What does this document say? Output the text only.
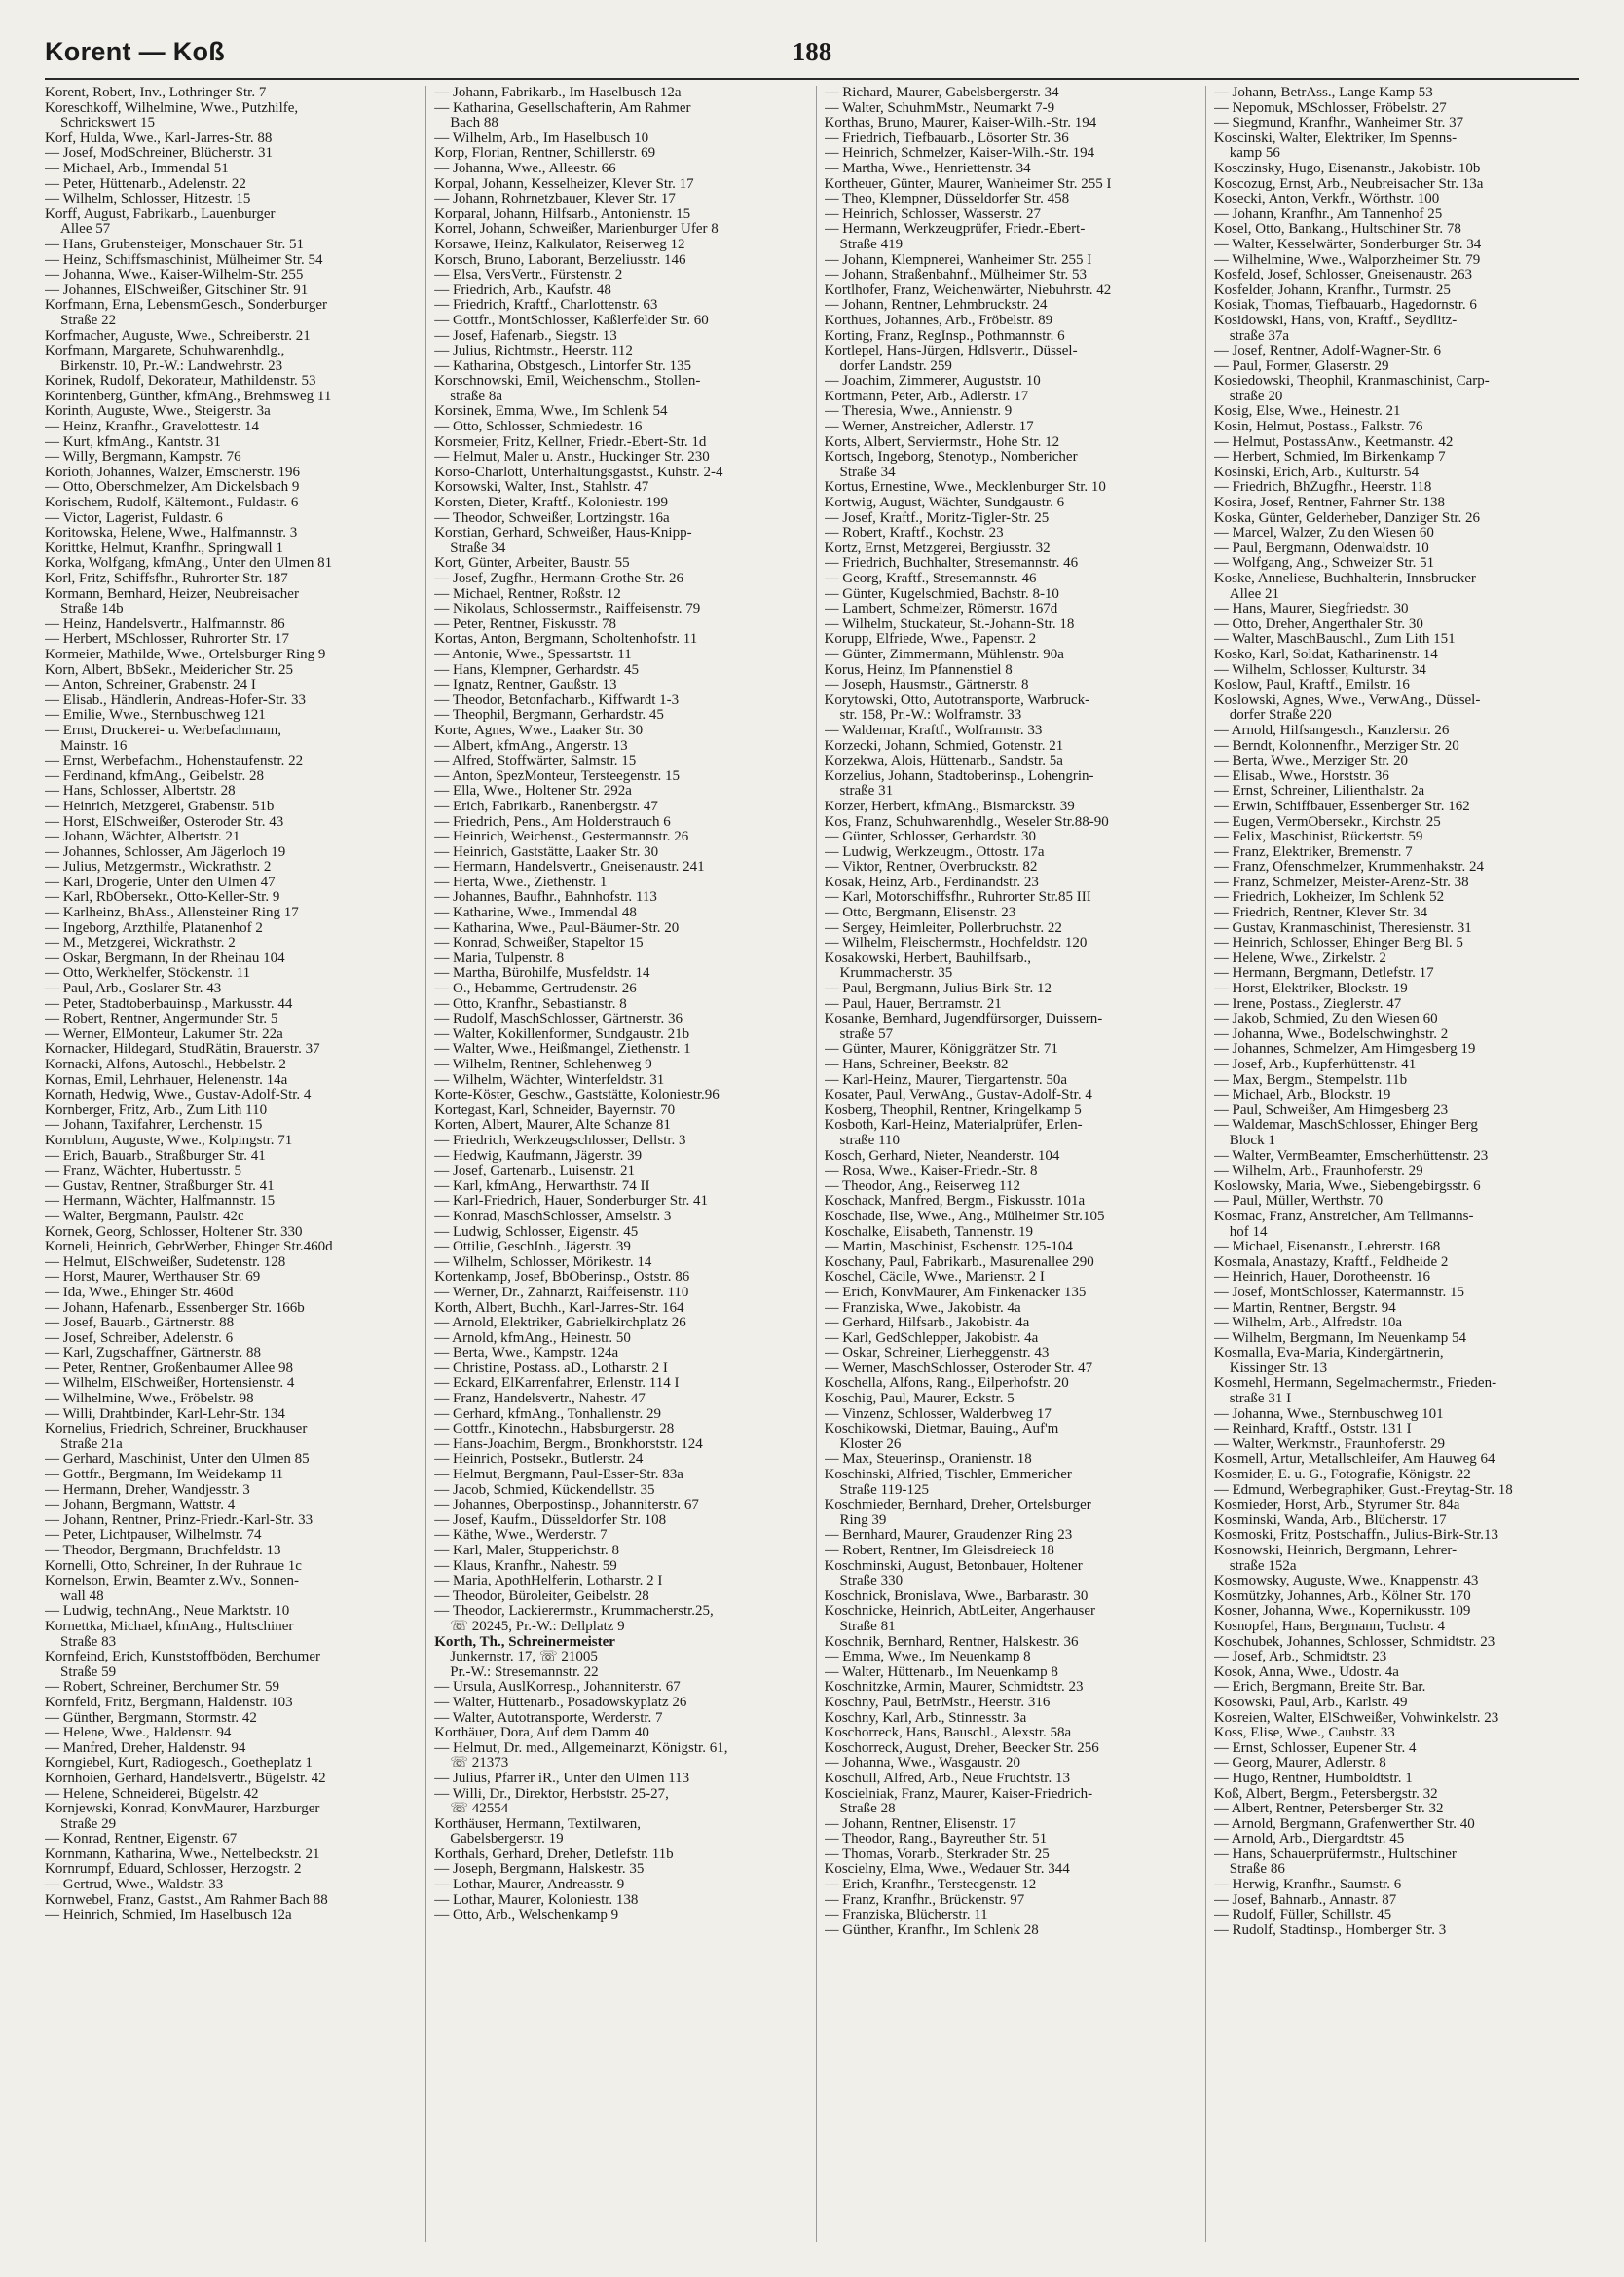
Korent — Koß	188
Korent, Robert, Inv., Lothringer Str. 7
Koreschkoff, Wilhelmine, Wwe., Putzhilfe,
Schrickswert 15
Korf, Hulda, Wwe., Karl-Jarres-Str. 88
— Josef, ModSchreiner, Blücherstr. 31
— Michael, Arb., Immendal 51
— Peter, Hüttenarb., Adelenstr. 22
— Wilhelm, Schlosser, Hitzestr. 15
Korff, August, Fabrikarb., Lauenburger
Allee 57
— Hans, Grubensteiger, Monschauer Str. 51
— Heinz, Schiffsmaschinist, Mülheimer Str. 54
— Johanna, Wwe., Kaiser-Wilhelm-Str. 255
— Johannes, ElSchweißer, Gitschiner Str. 91
Korfmann, Erna, LebensmGesch., Sonderburger
Straße 22
Korfmacher, Auguste, Wwe., Schreiberstr. 21
Korfmann, Margarete, Schuhwarenhdlg.,
Birkenstr. 10, Pr.-W.: Landwehrstr. 23
Korinek, Rudolf, Dekorateur, Mathildenstr. 53
Korintenberg, Günther, kfmAng., Brehmsweg 11
Korinth, Auguste, Wwe., Steigerstr. 3a
— Heinz, Kranfhr., Gravelottestr. 14
— Kurt, kfmAng., Kantstr. 31
— Willy, Bergmann, Kampstr. 76
Korioth, Johannes, Walzer, Emscherstr. 196
— Otto, Oberschmelzer, Am Dickelsbach 9
Korischem, Rudolf, Kältemont., Fuldastr. 6
— Victor, Lagerist, Fuldastr. 6
Koritowska, Helene, Wwe., Halfmannstr. 3
Korittke, Helmut, Kranfhr., Springwall 1
Korka, Wolfgang, kfmAng., Unter den Ulmen 81
Korl, Fritz, Schiffsfhr., Ruhrorter Str. 187
Kormann, Bernhard, Heizer, Neubreisacher
Straße 14b
— Heinz, Handelsvertr., Halfmannstr. 86
— Herbert, MSchlosser, Ruhrorter Str. 17
Kormeier, Mathilde, Wwe., Ortelsburger Ring 9
Korn, Albert, BbSekr., Meidericher Str. 25
— Anton, Schreiner, Grabenstr. 24 I
— Elisab., Händlerin, Andreas-Hofer-Str. 33
— Emilie, Wwe., Sternbuschweg 121
— Ernst, Druckerei- u. Werbefachmann,
Mainstr. 16
— Ernst, Werbefachm., Hohenstaufenstr. 22
— Ferdinand, kfmAng., Geibelstr. 28
— Hans, Schlosser, Albertstr. 28
— Heinrich, Metzgerei, Grabenstr. 51b
— Horst, ElSchweißer, Osteroder Str. 43
— Johann, Wächter, Albertstr. 21
— Johannes, Schlosser, Am Jägerloch 19
— Julius, Metzgermstr., Wickrathstr. 2
— Karl, Drogerie, Unter den Ulmen 47
— Karl, RbObersekr., Otto-Keller-Str. 9
— Karlheinz, BhAss., Allensteiner Ring 17
— Ingeborg, Arzthilfe, Platanenhof 2
— M., Metzgerei, Wickrathstr. 2
— Oskar, Bergmann, In der Rheinau 104
— Otto, Werkhelfer, Stöckenstr. 11
— Paul, Arb., Goslarer Str. 43
— Peter, Stadtoberbauinsp., Markusstr. 44
— Robert, Rentner, Angermunder Str. 5
— Werner, ElMonteur, Lakumer Str. 22a
Kornacker, Hildegard, StudRätin, Brauerstr. 37
Kornacki, Alfons, Autoschl., Hebbelstr. 2
Kornas, Emil, Lehrhauer, Helenenstr. 14a
Kornath, Hedwig, Wwe., Gustav-Adolf-Str. 4
Kornberger, Fritz, Arb., Zum Lith 110
— Johann, Taxifahrer, Lerchenstr. 15
Kornblum, Auguste, Wwe., Kolpingstr. 71
— Erich, Bauarb., Straßburger Str. 41
— Franz, Wächter, Hubertusstr. 5
— Gustav, Rentner, Straßburger Str. 41
— Hermann, Wächter, Halfmannstr. 15
— Walter, Bergmann, Paulstr. 42c
Kornek, Georg, Schlosser, Holtener Str. 330
Korneli, Heinrich, GebrWerber, Ehinger Str.460d
— Helmut, ElSchweißer, Sudetenstr. 128
— Horst, Maurer, Werthauser Str. 69
— Ida, Wwe., Ehinger Str. 460d
— Johann, Hafenarb., Essenberger Str. 166b
— Josef, Bauarb., Gärtnerstr. 88
— Josef, Schreiber, Adelenstr. 6
— Karl, Zugschaffner, Gärtnerstr. 88
— Peter, Rentner, Großenbaumer Allee 98
— Wilhelm, ElSchweißer, Hortensienstr. 4
— Wilhelmine, Wwe., Fröbelstr. 98
— Willi, Drahtbinder, Karl-Lehr-Str. 134
Kornelius, Friedrich, Schreiner, Bruckhauser
Straße 21a
— Gerhard, Maschinist, Unter den Ulmen 85
— Gottfr., Bergmann, Im Weidekamp 11
— Hermann, Dreher, Wandjesstr. 3
— Johann, Bergmann, Wattstr. 4
— Johann, Rentner, Prinz-Friedr.-Karl-Str. 33
— Peter, Lichtpauser, Wilhelmstr. 74
— Theodor, Bergmann, Bruchfeldstr. 13
Kornelli, Otto, Schreiner, In der Ruhraue 1c
Kornelson, Erwin, Beamter z.Wv., Sonnen-
wall 48
— Ludwig, technAng., Neue Marktstr. 10
Kornettka, Michael, kfmAng., Hultschiner
Straße 83
Kornfeind, Erich, Kunststoffböden, Berchumer
Straße 59
— Robert, Schreiner, Berchumer Str. 59
Kornfeld, Fritz, Bergmann, Haldenstr. 103
— Günther, Bergmann, Stormstr. 42
— Helene, Wwe., Haldenstr. 94
— Manfred, Dreher, Haldenstr. 94
Korngiebel, Kurt, Radiogesch., Goetheplatz 1
Kornhoien, Gerhard, Handelsvertr., Bügelstr. 42
— Helene, Schneiderei, Bügelstr. 42
Kornjewski, Konrad, KonvMaurer, Harzburger
Straße 29
— Konrad, Rentner, Eigenstr. 67
Kornmann, Katharina, Wwe., Nettelbeckstr. 21
Kornrumpf, Eduard, Schlosser, Herzogstr. 2
— Gertrud, Wwe., Waldstr. 33
Kornwebel, Franz, Gastst., Am Rahmer Bach 88
— Heinrich, Schmied, Im Haselbusch 12a
— Johann, Fabrikarb., Im Haselbusch 12a
— Katharina, Gesellschafterin, Am Rahmer
Bach 88
— Wilhelm, Arb., Im Haselbusch 10
Korp, Florian, Rentner, Schillerstr. 69
— Johanna, Wwe., Alleestr. 66
Korpal, Johann, Kesselheizer, Klever Str. 17
— Johann, Rohrnetzbauer, Klever Str. 17
Korparal, Johann, Hilfsarb., Antonienstr. 15
Korrel, Johann, Schweißer, Marienburger Ufer 8
Korsawe, Heinz, Kalkulator, Reiserweg 12
Korsch, Bruno, Laborant, Berzeliusstr. 146
— Elsa, VersVertr., Fürstenstr. 2
— Friedrich, Arb., Kaufstr. 48
— Friedrich, Kraftf., Charlottenstr. 63
— Gottfr., MontSchlosser, Kaßlerfelder Str. 60
— Josef, Hafenarb., Siegstr. 13
— Julius, Richtmstr., Heerstr. 112
— Katharina, Obstgesch., Lintorfer Str. 135
Korschnowski, Emil, Weichenschm., Stollen-
straße 8a
Korsinek, Emma, Wwe., Im Schlenk 54
— Otto, Schlosser, Schmiedestr. 16
Korsmeier, Fritz, Kellner, Friedr.-Ebert-Str. 1d
— Helmut, Maler u. Anstr., Huckinger Str. 230
Korso-Charlott, Unterhaltungsgastst., Kuhstr. 2-4
Korsowski, Walter, Inst., Stahlstr. 47
Korsten, Dieter, Kraftf., Koloniestr. 199
— Theodor, Schweißer, Lortzingstr. 16a
Korstian, Gerhard, Schweißer, Haus-Knipp-
Straße 34
Kort, Günter, Arbeiter, Baustr. 55
— Josef, Zugfhr., Hermann-Grothe-Str. 26
— Michael, Rentner, Roßstr. 12
— Nikolaus, Schlossermstr., Raiffeisenstr. 79
— Peter, Rentner, Fiskusstr. 78
Kortas, Anton, Bergmann, Scholtenhofstr. 11
— Antonie, Wwe., Spessartstr. 11
— Hans, Klempner, Gerhardstr. 45
— Ignatz, Rentner, Gaußstr. 13
— Theodor, Betonfacharb., Kiffwardt 1-3
— Theophil, Bergmann, Gerhardstr. 45
Korte, Agnes, Wwe., Laaker Str. 30
— Albert, kfmAng., Angerstr. 13
— Alfred, Stoffwärter, Salmstr. 15
— Anton, SpezMonteur, Tersteegenstr. 15
— Ella, Wwe., Holtener Str. 292a
— Erich, Fabrikarb., Ranenbergstr. 47
— Friedrich, Pens., Am Holderstrauch 6
— Heinrich, Weichenst., Gestermannstr. 26
— Heinrich, Gaststätte, Laaker Str. 30
— Hermann, Handelsvertr., Gneisenaustr. 241
— Herta, Wwe., Ziethenstr. 1
— Johannes, Baufhr., Bahnhofstr. 113
— Katharine, Wwe., Immendal 48
— Katharina, Wwe., Paul-Bäumer-Str. 20
— Konrad, Schweißer, Stapeltor 15
— Maria, Tulpenstr. 8
— Martha, Bürohilfe, Musfeldstr. 14
— O., Hebamme, Gertrudenstr. 26
— Otto, Kranfhr., Sebastianstr. 8
— Rudolf, MaschSchlosser, Gärtnerstr. 36
— Walter, Kokillenformer, Sundgaustr. 21b
— Walter, Wwe., Heißmangel, Ziethenstr. 1
— Wilhelm, Rentner, Schlehenweg 9
— Wilhelm, Wächter, Winterfeldstr. 31
Korte-Köster, Geschw., Gaststätte, Koloniestr.96
Kortegast, Karl, Schneider, Bayernstr. 70
Korten, Albert, Maurer, Alte Schanze 81
— Friedrich, Werkzeugschlosser, Dellstr. 3
— Hedwig, Kaufmann, Jägerstr. 39
— Josef, Gartenarb., Luisenstr. 21
— Karl, kfmAng., Herwarthstr. 74 II
— Karl-Friedrich, Hauer, Sonderburger Str. 41
— Konrad, MaschSchlosser, Amselstr. 3
— Ludwig, Schlosser, Eigenstr. 45
— Ottilie, GeschInh., Jägerstr. 39
— Wilhelm, Schlosser, Mörikestr. 14
Kortenkamp, Josef, BbOberinsp., Oststr. 86
— Werner, Dr., Zahnarzt, Raiffeisenstr. 110
Korth, Albert, Buchh., Karl-Jarres-Str. 164
— Arnold, Elektriker, Gabrielkirchplatz 26
— Arnold, kfmAng., Heinestr. 50
— Berta, Wwe., Kampstr. 124a
— Christine, Postass. aD., Lotharstr. 2 I
— Eckard, ElKarrenfahrer, Erlenstr. 114 I
— Franz, Handelsvertr., Nahestr. 47
— Gerhard, kfmAng., Tonhallenstr. 29
— Gottfr., Kinotechn., Habsburgerstr. 28
— Hans-Joachim, Bergm., Bronkhorststr. 124
— Heinrich, Postsekr., Butlerstr. 24
— Helmut, Bergmann, Paul-Esser-Str. 83a
— Jacob, Schmied, Kückendellstr. 35
— Johannes, Oberpostinsp., Johanniterstr. 67
— Josef, Kaufm., Düsseldorfer Str. 108
— Käthe, Wwe., Werderstr. 7
— Karl, Maler, Stupperichstr. 8
— Klaus, Kranfhr., Nahestr. 59
— Maria, ApothHelferin, Lotharstr. 2 I
— Theodor, Büroleiter, Geibelstr. 28
— Theodor, Lackierermstr., Krummacherstr.25,
☏ 20245, Pr.-W.: Dellplatz 9
Korth, Th., Schreinermeister
Junkernstr. 17, ☏ 21005
Pr.-W.: Stresemannstr. 22
— Ursula, AuslKorresp., Johanniterstr. 67
— Walter, Hüttenarb., Posadowskyplatz 26
— Walter, Autotransporte, Werderstr. 7
Korthäuer, Dora, Auf dem Damm 40
— Helmut, Dr. med., Allgemeinarzt, Königstr. 61,
☏ 21373
— Julius, Pfarrer iR., Unter den Ulmen 113
— Willi, Dr., Direktor, Herbststr. 25-27,
☏ 42554
Korthäuser, Hermann, Textilwaren,
Gabelsbergerstr. 19
Korthals, Gerhard, Dreher, Detlefstr. 11b
— Joseph, Bergmann, Halskestr. 35
— Lothar, Maurer, Andreasstr. 9
— Lothar, Maurer, Koloniestr. 138
— Otto, Arb., Welschenkamp 9
— Richard, Maurer, Gabelsbergerstr. 34
— Walter, SchuhmMstr., Neumarkt 7-9
Korthas, Bruno, Maurer, Kaiser-Wilh.-Str. 194
— Friedrich, Tiefbauarb., Lösorter Str. 36
— Heinrich, Schmelzer, Kaiser-Wilh.-Str. 194
— Martha, Wwe., Henriettenstr. 34
Kortheuer, Günter, Maurer, Wanheimer Str. 255 I
— Theo, Klempner, Düsseldorfer Str. 458
— Heinrich, Schlosser, Wasserstr. 27
— Hermann, Werkzeugprüfer, Friedr.-Ebert-
Straße 419
— Johann, Klempnerei, Wanheimer Str. 255 I
— Johann, Straßenbahnf., Mülheimer Str. 53
Kortlhofer, Franz, Weichenwärter, Niebuhrstr. 42
— Johann, Rentner, Lehmbruckstr. 24
Korthues, Johannes, Arb., Fröbelstr. 89
Korting, Franz, RegInsp., Pothmannstr. 6
Kortlepel, Hans-Jürgen, Hdlsvertr., Düssel-
dorfer Landstr. 259
— Joachim, Zimmerer, Auguststr. 10
Kortmann, Peter, Arb., Adlerstr. 17
— Theresia, Wwe., Annienstr. 9
— Werner, Anstreicher, Adlerstr. 17
Korts, Albert, Serviermstr., Hohe Str. 12
Kortsch, Ingeborg, Stenotyp., Nombericher
Straße 34
Kortus, Ernestine, Wwe., Mecklenburger Str. 10
Kortwig, August, Wächter, Sundgaustr. 6
— Josef, Kraftf., Moritz-Tigler-Str. 25
— Robert, Kraftf., Kochstr. 23
Kortz, Ernst, Metzgerei, Bergiusstr. 32
— Friedrich, Buchhalter, Stresemannstr. 46
— Georg, Kraftf., Stresemannstr. 46
— Günter, Kugelschmied, Bachstr. 8-10
— Lambert, Schmelzer, Römerstr. 167d
— Wilhelm, Stuckateur, St.-Johann-Str. 18
Korupp, Elfriede, Wwe., Papenstr. 2
— Günter, Zimmermann, Mühlenstr. 90a
Korus, Heinz, Im Pfannenstiel 8
— Joseph, Hausmstr., Gärtnerstr. 8
Korytowski, Otto, Autotransporte, Warbruck-
str. 158, Pr.-W.: Wolframstr. 33
— Waldemar, Kraftf., Wolframstr. 33
Korzecki, Johann, Schmied, Gotenstr. 21
Korzekwa, Alois, Hüttenarb., Sandstr. 5a
Korzelius, Johann, Stadtoberinsp., Lohengrin-
straße 31
Korzer, Herbert, kfmAng., Bismarckstr. 39
Kos, Franz, Schuhwarenhdlg., Weseler Str.88-90
— Günter, Schlosser, Gerhardstr. 30
— Ludwig, Werkzeugm., Ottostr. 17a
— Viktor, Rentner, Overbruckstr. 82
Kosak, Heinz, Arb., Ferdinandstr. 23
— Karl, Motorschiffsfhr., Ruhrorter Str.85 III
— Otto, Bergmann, Elisenstr. 23
— Sergey, Heimleiter, Pollerbruchstr. 22
— Wilhelm, Fleischermstr., Hochfeldstr. 120
Kosakowski, Herbert, Bauhilfsarb.,
Krummacherstr. 35
— Paul, Bergmann, Julius-Birk-Str. 12
— Paul, Hauer, Bertramstr. 21
Kosanke, Bernhard, Jugendfürsorger, Duissern-
straße 57
— Günter, Maurer, Königgrätzer Str. 71
— Hans, Schreiner, Beekstr. 82
— Karl-Heinz, Maurer, Tiergartenstr. 50a
Kosater, Paul, VerwAng., Gustav-Adolf-Str. 4
Kosberg, Theophil, Rentner, Kringelkamp 5
Kosboth, Karl-Heinz, Materialprüfer, Erlen-
straße 110
Kosch, Gerhard, Nieter, Neanderstr. 104
— Rosa, Wwe., Kaiser-Friedr.-Str. 8
— Theodor, Ang., Reiserweg 112
Koschack, Manfred, Bergm., Fiskusstr. 101a
Koschade, Ilse, Wwe., Ang., Mülheimer Str.105
Koschalke, Elisabeth, Tannenstr. 19
— Martin, Maschinist, Eschenstr. 125-104
Koschany, Paul, Fabrikarb., Masurenallee 290
Koschel, Cäcile, Wwe., Marienstr. 2 I
— Erich, KonvMaurer, Am Finkenacker 135
— Franziska, Wwe., Jakobistr. 4a
— Gerhard, Hilfsarb., Jakobistr. 4a
— Karl, GedSchlepper, Jakobistr. 4a
— Oskar, Schreiner, Lierheggenstr. 43
— Werner, MaschSchlosser, Osteroder Str. 47
Koschella, Alfons, Rang., Eilperhofstr. 20
Koschig, Paul, Maurer, Eckstr. 5
— Vinzenz, Schlosser, Walderbweg 17
Koschikowski, Dietmar, Bauing., Auf'm
Kloster 26
— Max, Steuerinsp., Oranienstr. 18
Koschinski, Alfried, Tischler, Emmericher
Straße 119-125
Koschmieder, Bernhard, Dreher, Ortelsburger
Ring 39
— Bernhard, Maurer, Graudenzer Ring 23
— Robert, Rentner, Im Gleisdreieck 18
Koschminski, August, Betonbauer, Holtener
Straße 330
Koschnick, Bronislava, Wwe., Barbarastr. 30
Koschnicke, Heinrich, AbtLeiter, Angerhauser
Straße 81
Koschnik, Bernhard, Rentner, Halskestr. 36
— Emma, Wwe., Im Neuenkamp 8
— Walter, Hüttenarb., Im Neuenkamp 8
Koschnitzke, Armin, Maurer, Schmidtstr. 23
Koschny, Paul, BetrMstr., Heerstr. 316
Koschny, Karl, Arb., Stinnesstr. 3a
Koschorreck, Hans, Bauschl., Alexstr. 58a
Koschorreck, August, Dreher, Beecker Str. 256
— Johanna, Wwe., Wasgaustr. 20
Koschull, Alfred, Arb., Neue Fruchtstr. 13
Koscielniak, Franz, Maurer, Kaiser-Friedrich-
Straße 28
— Johann, Rentner, Elisenstr. 17
— Theodor, Rang., Bayreuther Str. 51
— Thomas, Vorarb., Sterkrader Str. 25
Koscielny, Elma, Wwe., Wedauer Str. 344
— Erich, Kranfhr., Tersteegenstr. 12
— Franz, Kranfhr., Brückenstr. 97
— Franziska, Blücherstr. 11
— Günther, Kranfhr., Im Schlenk 28
— Johann, BetrAss., Lange Kamp 53
— Nepomuk, MSchlosser, Fröbelstr. 27
— Siegmund, Kranfhr., Wanheimer Str. 37
Koscinski, Walter, Elektriker, Im Spenns-
kamp 56
Kosczinsky, Hugo, Eisenanstr., Jakobistr. 10b
Koscozug, Ernst, Arb., Neubreisacher Str. 13a
Kosecki, Anton, Verkfr., Wörthstr. 100
— Johann, Kranfhr., Am Tannenhof 25
Kosel, Otto, Bankang., Hultschiner Str. 78
— Walter, Kesselwärter, Sonderburger Str. 34
— Wilhelmine, Wwe., Walporzheimer Str. 79
Kosfeld, Josef, Schlosser, Gneisenaustr. 263
Kosfelder, Johann, Kranfhr., Turmstr. 25
Kosiak, Thomas, Tiefbauarb., Hagedornstr. 6
Kosidowski, Hans, von, Kraftf., Seydlitz-
straße 37a
— Josef, Rentner, Adolf-Wagner-Str. 6
— Paul, Former, Glaserstr. 29
Kosiedowski, Theophil, Kranmaschinist, Carp-
straße 20
Kosig, Else, Wwe., Heinestr. 21
Kosin, Helmut, Postass., Falkstr. 76
— Helmut, PostassAnw., Keetmanstr. 42
— Herbert, Schmied, Im Birkenkamp 7
Kosinski, Erich, Arb., Kulturstr. 54
— Friedrich, BhZugfhr., Heerstr. 118
Kosira, Josef, Rentner, Fahrner Str. 138
Koska, Günter, Gelderheber, Danziger Str. 26
— Marcel, Walzer, Zu den Wiesen 60
— Paul, Bergmann, Odenwaldstr. 10
— Wolfgang, Ang., Schweizer Str. 51
Koske, Anneliese, Buchhalterin, Innsbrucker
Allee 21
— Hans, Maurer, Siegfriedstr. 30
— Otto, Dreher, Angerthaler Str. 30
— Walter, MaschBauschl., Zum Lith 151
Kosko, Karl, Soldat, Katharinenstr. 14
— Wilhelm, Schlosser, Kulturstr. 34
Koslow, Paul, Kraftf., Emilstr. 16
Koslowski, Agnes, Wwe., VerwAng., Düssel-
dorfer Straße 220
— Arnold, Hilfsangesch., Kanzlerstr. 26
— Berndt, Kolonnenfhr., Merziger Str. 20
— Berta, Wwe., Merziger Str. 20
— Elisab., Wwe., Horststr. 36
— Ernst, Schreiner, Lilienthalstr. 2a
— Erwin, Schiffbauer, Essenberger Str. 162
— Eugen, VermObersekr., Kirchstr. 25
— Felix, Maschinist, Rückertstr. 59
— Franz, Elektriker, Bremenstr. 7
— Franz, Ofenschmelzer, Krummenhakstr. 24
— Franz, Schmelzer, Meister-Arenz-Str. 38
— Friedrich, Lokheizer, Im Schlenk 52
— Friedrich, Rentner, Klever Str. 34
— Gustav, Kranmaschinist, Theresienstr. 31
— Heinrich, Schlosser, Ehinger Berg Bl. 5
— Helene, Wwe., Zirkelstr. 2
— Hermann, Bergmann, Detlefstr. 17
— Horst, Elektriker, Blockstr. 19
— Irene, Postass., Zieglerstr. 47
— Jakob, Schmied, Zu den Wiesen 60
— Johanna, Wwe., Bodelschwinghstr. 2
— Johannes, Schmelzer, Am Himgesberg 19
— Josef, Arb., Kupferhüttenstr. 41
— Max, Bergm., Stempelstr. 11b
— Michael, Arb., Blockstr. 19
— Paul, Schweißer, Am Himgesberg 23
— Waldemar, MaschSchlosser, Ehinger Berg
Block 1
— Walter, VermBeamter, Emscherhüttenstr. 23
— Wilhelm, Arb., Fraunhoferstr. 29
Koslowsky, Maria, Wwe., Siebengebirgsstr. 6
— Paul, Müller, Werthstr. 70
Kosmac, Franz, Anstreicher, Am Tellmanns-
hof 14
— Michael, Eisenanstr., Lehrerstr. 168
Kosmala, Anastazy, Kraftf., Feldheide 2
— Heinrich, Hauer, Dorotheenstr. 16
— Josef, MontSchlosser, Katermannstr. 15
— Martin, Rentner, Bergstr. 94
— Wilhelm, Arb., Alfredstr. 10a
— Wilhelm, Bergmann, Im Neuenkamp 54
Kosmalla, Eva-Maria, Kindergärtnerin,
Kissinger Str. 13
Kosmehl, Hermann, Segelmachermstr., Frieden-
straße 31 I
— Johanna, Wwe., Sternbuschweg 101
— Reinhard, Kraftf., Oststr. 131 I
— Walter, Werkmstr., Fraunhoferstr. 29
Kosmell, Artur, Metallschleifer, Am Hauweg 64
Kosmider, E. u. G., Fotografie, Königstr. 22
— Edmund, Werbegraphiker, Gust.-Freytag-Str. 18
Kosmieder, Horst, Arb., Styrumer Str. 84a
Kosminski, Wanda, Arb., Blücherstr. 17
Kosmoski, Fritz, Postschaffn., Julius-Birk-Str.13
Kosnowski, Heinrich, Bergmann, Lehrer-
straße 152a
Kosmowsky, Auguste, Wwe., Knappenstr. 43
Kosmützky, Johannes, Arb., Kölner Str. 170
Kosner, Johanna, Wwe., Kopernikusstr. 109
Kosnopfel, Hans, Bergmann, Tuchstr. 4
Koschubek, Johannes, Schlosser, Schmidtstr. 23
— Josef, Arb., Schmidtstr. 23
Kosok, Anna, Wwe., Udostr. 4a
— Erich, Bergmann, Breite Str. Bar.
Kosowski, Paul, Arb., Karlstr. 49
Kosreien, Walter, ElSchweißer, Vohwinkelstr. 23
Koss, Elise, Wwe., Caubstr. 33
— Ernst, Schlosser, Eupener Str. 4
— Georg, Maurer, Adlerstr. 8
— Hugo, Rentner, Humboldtstr. 1
Koß, Albert, Bergm., Petersbergstr. 32
— Albert, Rentner, Petersberger Str. 32
— Arnold, Bergmann, Grafenwerther Str. 40
— Arnold, Arb., Diergardtstr. 45
— Hans, Schauerprüfermstr., Hultschiner
Straße 86
— Herwig, Kranfhr., Saumstr. 6
— Josef, Bahnarb., Annastr. 87
— Rudolf, Füller, Schillstr. 45
— Rudolf, Stadtinsp., Homberger Str. 3
